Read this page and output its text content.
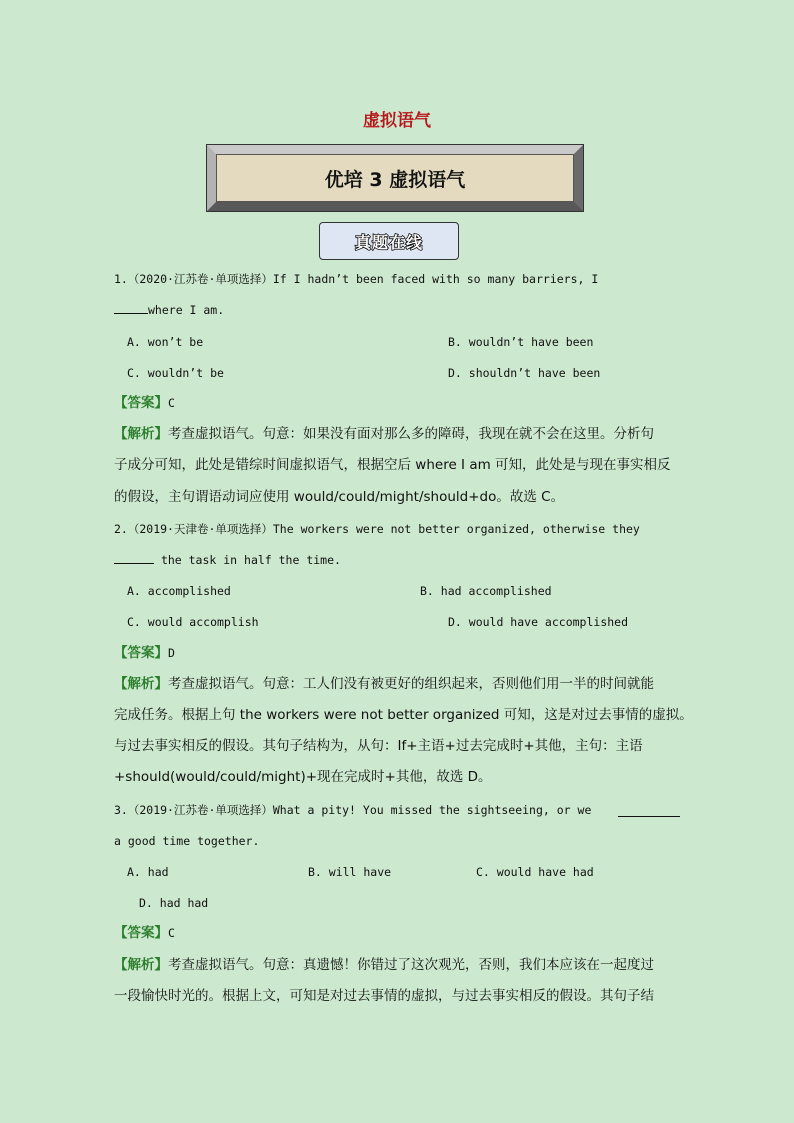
虚拟语气
优培 3 虚拟语气
真题在线
1.（2020·江苏卷·单项选择）If I hadn’t been faced with so many barriers, I
where I am.
A. won’t be	B. wouldn’t have been
C. wouldn’t be	D. shouldn’t have been
【答案】C
【解析】考查虚拟语气。句意：如果没有面对那么多的障碍，我现在就不会在这里。分析句
子成分可知，此处是错综时间虚拟语气，根据空后 where I am 可知，此处是与现在事实相反
的假设，主句谓语动词应使用 would/could/might/should+do。故选 C。
2.（2019·天津卷·单项选择）The workers were not better organized, otherwise they
the task in half the time.
A. accomplished	B. had accomplished
C. would accomplish	D. would have accomplished
【答案】D
【解析】考查虚拟语气。句意：工人们没有被更好的组织起来，否则他们用一半的时间就能
完成任务。根据上句 the workers were not better organized 可知，这是对过去事情的虚拟。
与过去事实相反的假设。其句子结构为，从句：If+主语+过去完成时+其他，主句：主语
+should(would/could/might)+现在完成时+其他，故选 D。
3.（2019·江苏卷·单项选择）What a pity! You missed the sightseeing, or we
a good time together.
A. had	B. will have	C. would have had
D. had had
【答案】C
【解析】考查虚拟语气。句意：真遗憾！你错过了这次观光，否则，我们本应该在一起度过
一段愉快时光的。根据上文，可知是对过去事情的虚拟，与过去事实相反的假设。其句子结
